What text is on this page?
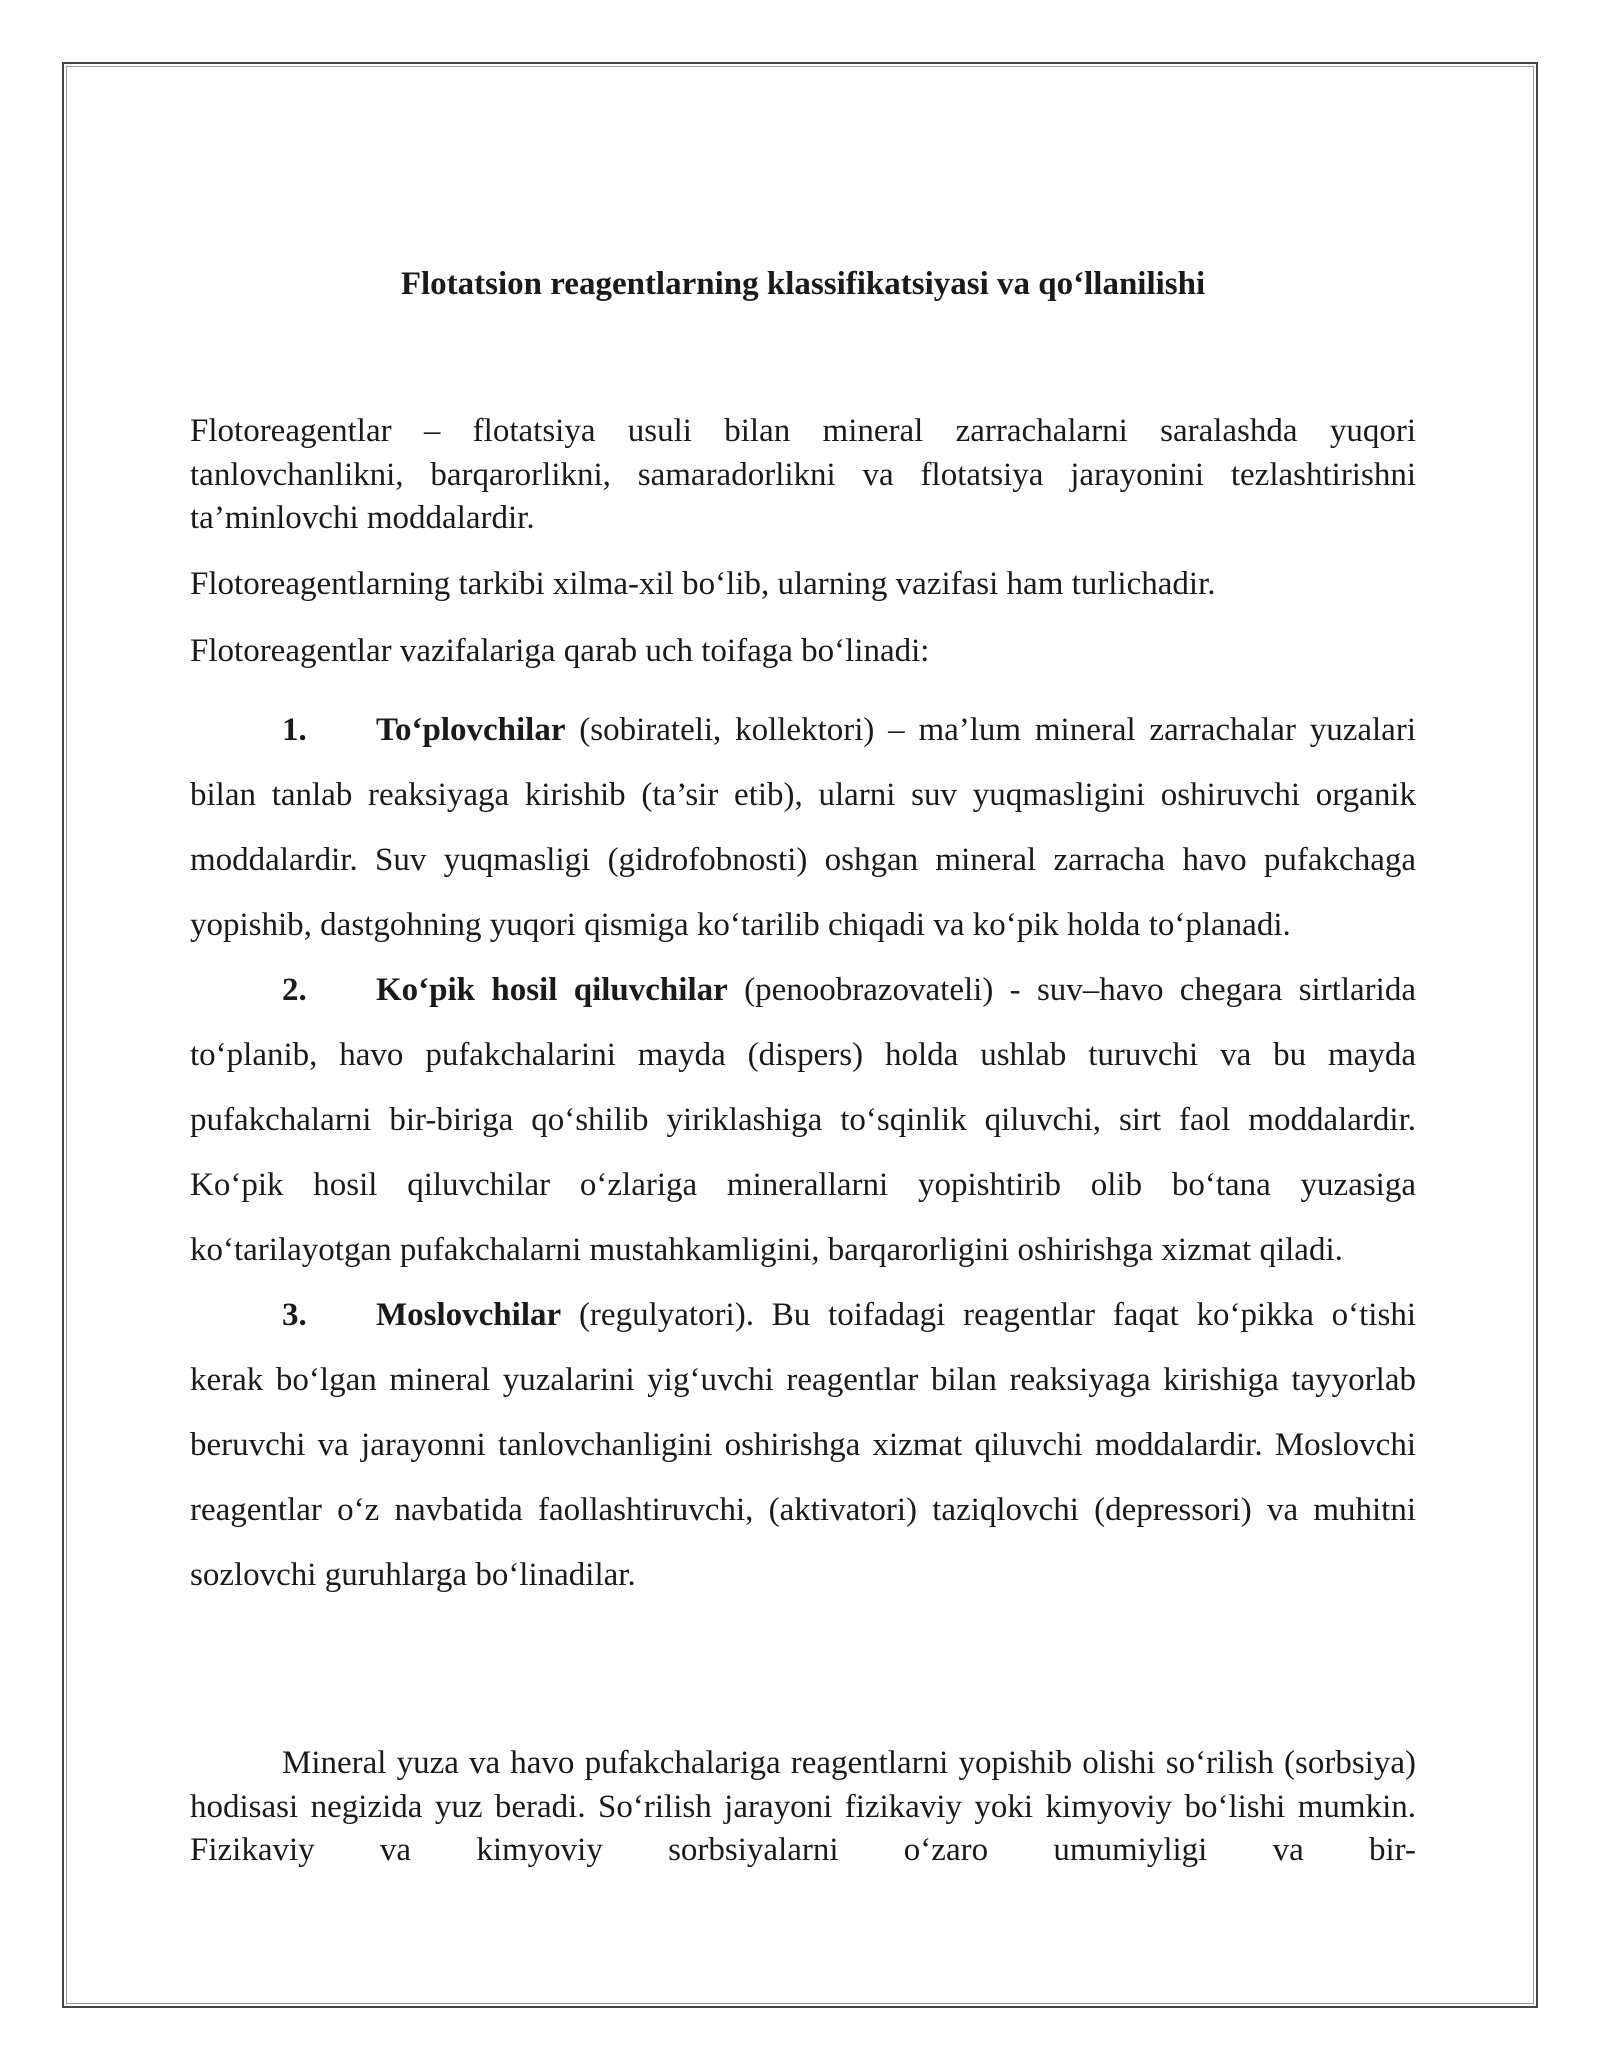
Flotatsion reagentlarning klassifikatsiyasi va qo‘llanilishi

Flotoreagentlar – flotatsiya usuli bilan mineral zarrachalarni saralashda yuqori tanlovchanlikni, barqarorlikni, samaradorlikni va flotatsiya jarayonini tezlashtirishni ta’minlovchi moddalardir.

Flotoreagentlarning tarkibi xilma-xil bo‘lib, ularning vazifasi ham turlichadir.

Flotoreagentlar vazifalariga qarab uch toifaga bo‘linadi:

1. To‘plovchilar (sobirateli, kollektori) – ma’lum mineral zarrachalar yuzalari bilan tanlab reaksiyaga kirishib (ta’sir etib), ularni suv yuqmasligini oshiruvchi organik moddalardir. Suv yuqmasligi (gidrofobnosti) oshgan mineral zarracha havo pufakchaga yopishib, dastgohning yuqori qismiga ko‘tarilib chiqadi va ko‘pik holda to‘planadi.

2. Ko‘pik hosil qiluvchilar (penoobrazovateli) - suv–havo chegara sirtlarida to‘planib, havo pufakchalarini mayda (dispers) holda ushlab turuvchi va bu mayda pufakchalarni bir-biriga qo‘shilib yiriklashiga to‘sqinlik qiluvchi, sirt faol moddalardir. Ko‘pik hosil qiluvchilar o‘zlariga minerallarni yopishtirib olib bo‘tana yuzasiga ko‘tarilayotgan pufakchalarni mustahkamligini, barqarorligini oshirishga xizmat qiladi.

3. Moslovchilar (regulyatori). Bu toifadagi reagentlar faqat ko‘pikka o‘tishi kerak bo‘lgan mineral yuzalarini yig‘uvchi reagentlar bilan reaksiyaga kirishiga tayyorlab beruvchi va jarayonni tanlovchanligini oshirishga xizmat qiluvchi moddalardir. Moslovchi reagentlar o‘z navbatida faollashtiruvchi, (aktivatori) taziqlovchi (depressori) va muhitni sozlovchi guruhlarga bo‘linadilar.

Mineral yuza va havo pufakchalariga reagentlarni yopishib olishi so‘rilish (sorbsiya) hodisasi negizida yuz beradi. So‘rilish jarayoni fizikaviy yoki kimyoviy bo‘lishi mumkin. Fizikaviy va kimyoviy sorbsiyalarni o‘zaro umumiyligi va bir-
